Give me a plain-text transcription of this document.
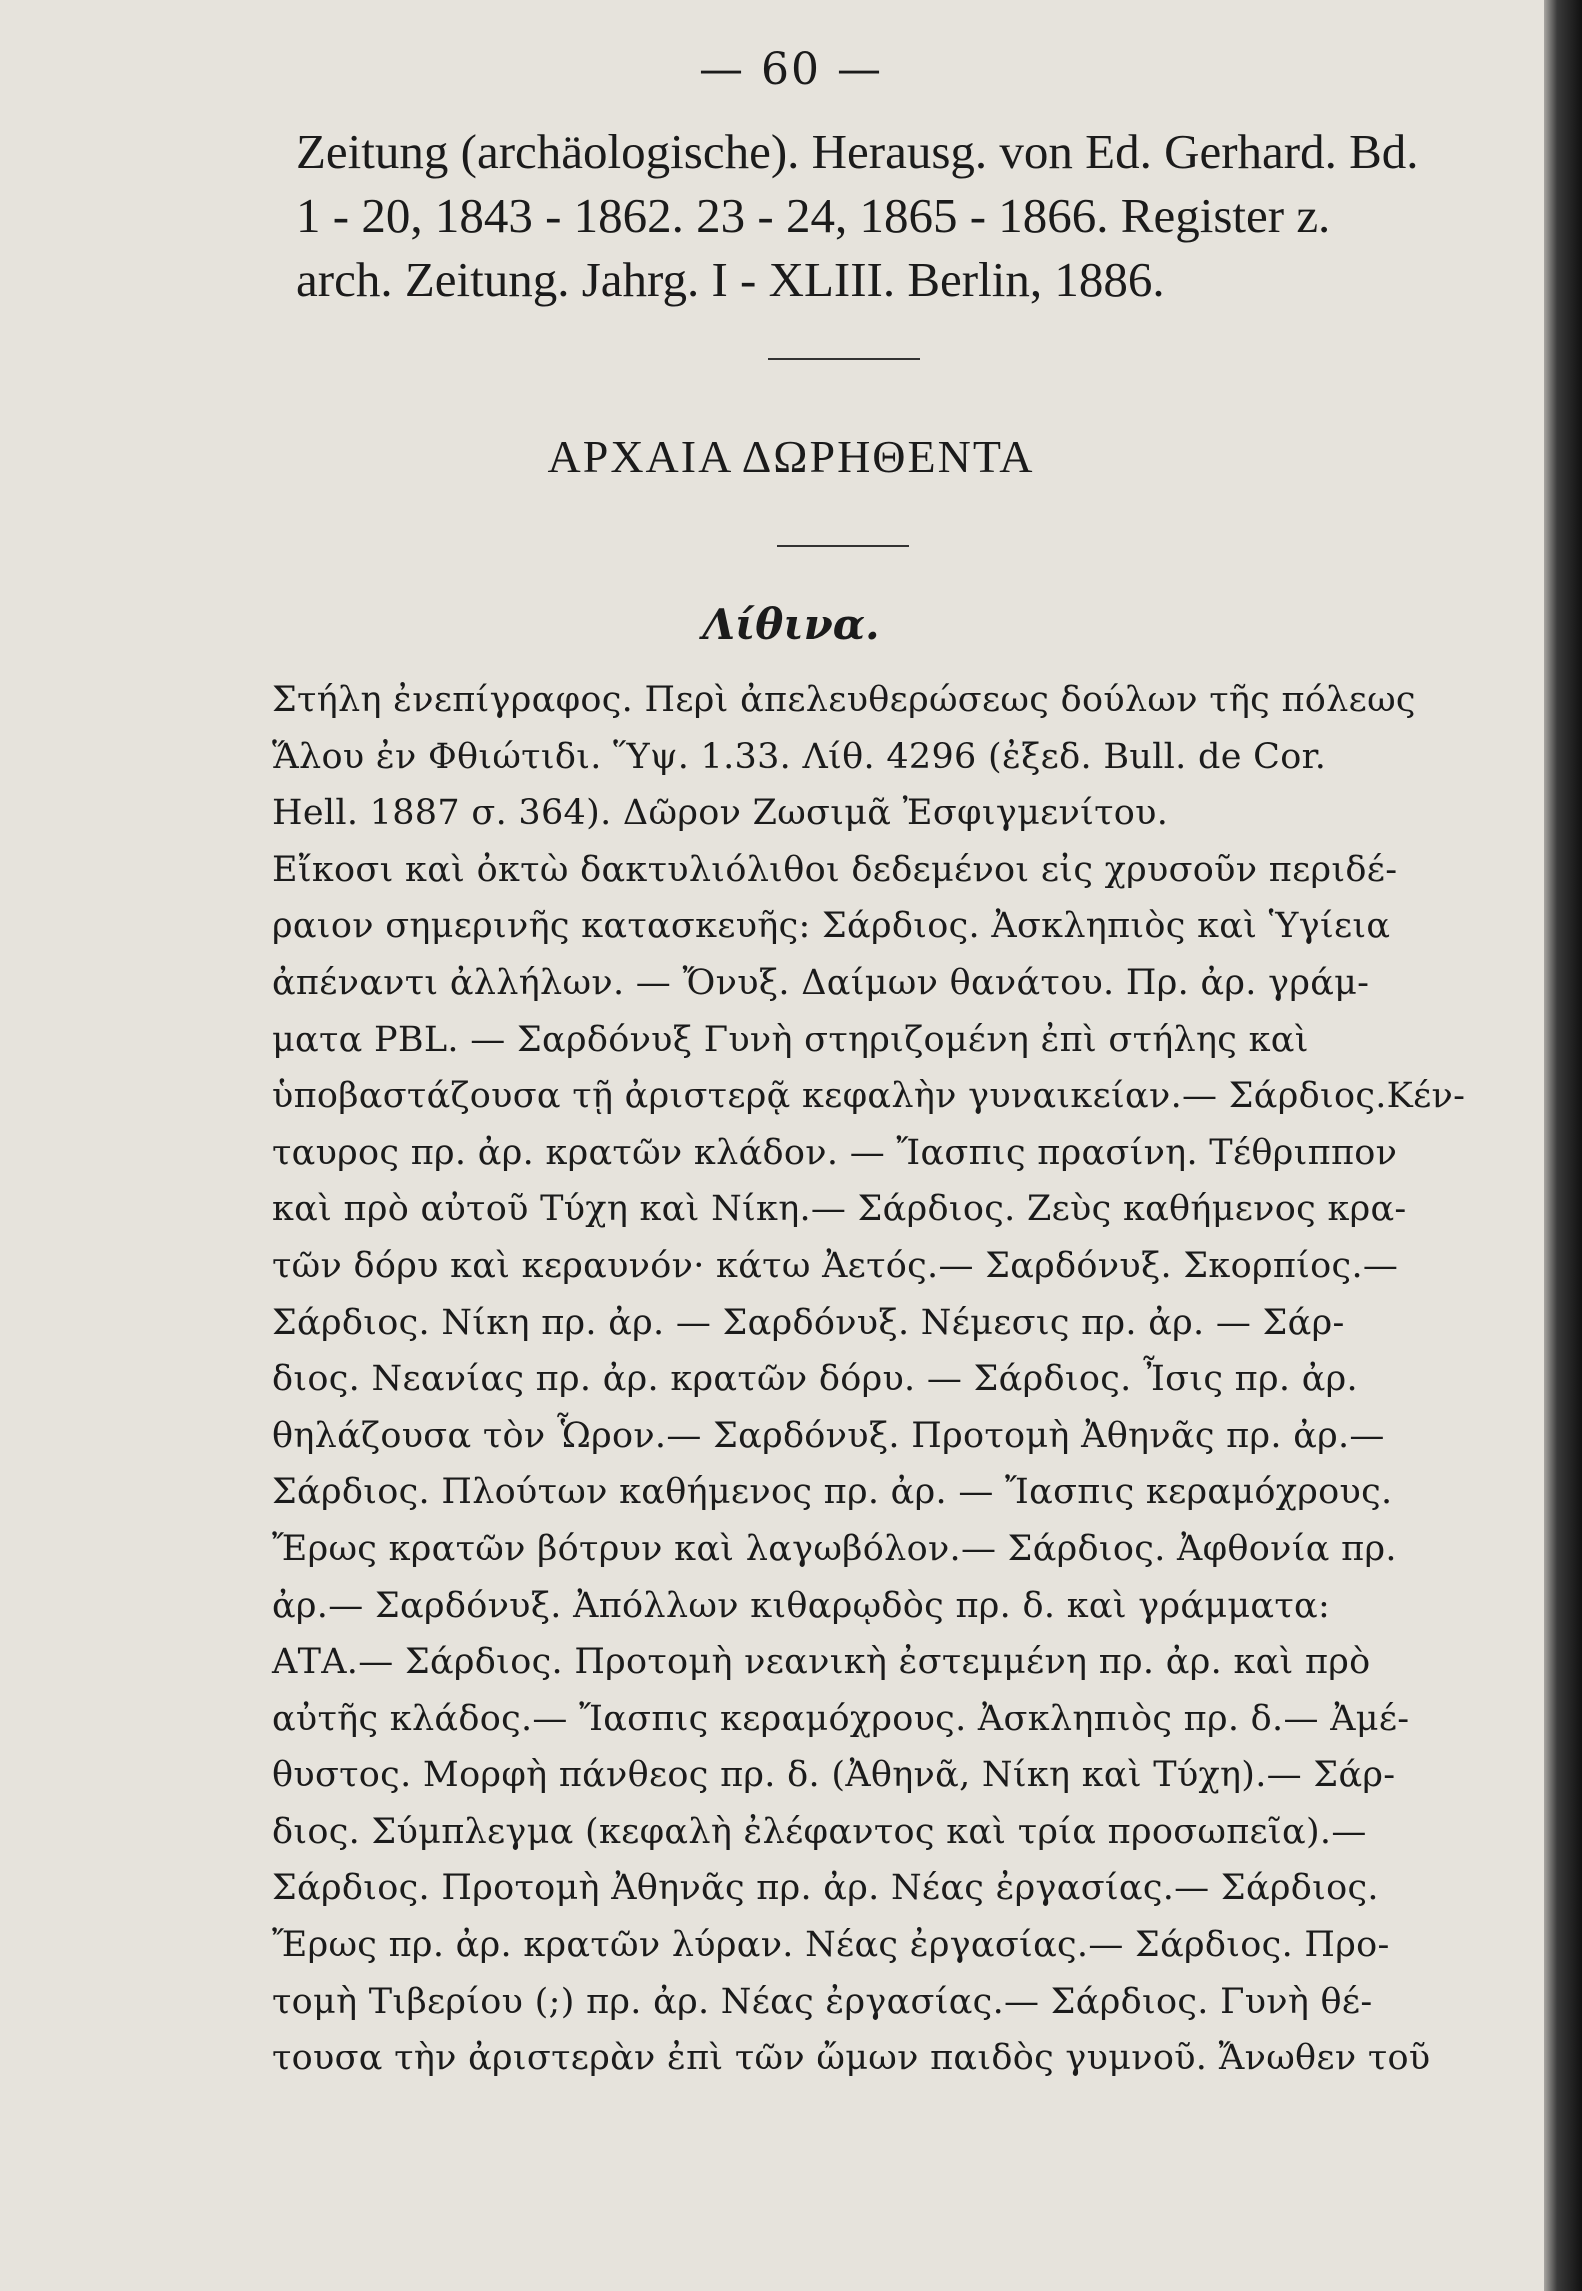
— 60 —
Zeitung (archäologische). Herausg. von Ed. Gerhard. Bd.
1 - 20, 1843 - 1862. 23 - 24, 1865 - 1866. Register z.
arch. Zeitung. Jahrg. I - XLIII. Berlin, 1886.
ΑΡΧΑΙΑ ΔΩΡΗΘΕΝΤΑ
Λίθινα.
Στήλη ἐνεπίγραφος. Περὶ ἀπελευθερώσεως δούλων τῆς πόλεως
Ἅλου ἐν Φθιώτιδι. Ὕψ. 1.33. Λίθ. 4296 (ἐξεδ. Bull. de Cor.
Hell. 1887 σ. 364). Δῶρον Ζωσιμᾶ Ἐσφιγμενίτου.
Εἴκοσι καὶ ὀκτὼ δακτυλιόλιθοι δεδεμένοι εἰς χρυσοῦν περιδέ-
ραιον σημερινῆς κατασκευῆς: Σάρδιος. Ἀσκληπιὸς καὶ Ὑγίεια
ἀπέναντι ἀλλήλων. — Ὄνυξ. Δαίμων θανάτου. Πρ. ἀρ. γράμ-
ματα PBL. — Σαρδόνυξ Γυνὴ στηριζομένη ἐπὶ στήλης καὶ
ὑποβαστάζουσα τῇ ἀριστερᾷ κεφαλὴν γυναικείαν.— Σάρδιος.Κέν-
ταυρος πρ. ἀρ. κρατῶν κλάδον. — Ἴασπις πρασίνη. Τέθριππον
καὶ πρὸ αὐτοῦ Τύχη καὶ Νίκη.— Σάρδιος. Ζεὺς καθήμενος κρα-
τῶν δόρυ καὶ κεραυνόν· κάτω Ἀετός.— Σαρδόνυξ. Σκορπίος.—
Σάρδιος. Νίκη πρ. ἀρ. — Σαρδόνυξ. Νέμεσις πρ. ἀρ. — Σάρ-
διος. Νεανίας πρ. ἀρ. κρατῶν δόρυ. — Σάρδιος. Ἶσις πρ. ἀρ.
θηλάζουσα τὸν Ὧρον.— Σαρδόνυξ. Προτομὴ Ἀθηνᾶς πρ. ἀρ.—
Σάρδιος. Πλούτων καθήμενος πρ. ἀρ. — Ἴασπις κεραμόχρους.
Ἔρως κρατῶν βότρυν καὶ λαγωβόλον.— Σάρδιος. Ἀφθονία πρ.
ἀρ.— Σαρδόνυξ. Ἀπόλλων κιθαρῳδὸς πρ. δ. καὶ γράμματα:
ΑΤΑ.— Σάρδιος. Προτομὴ νεανικὴ ἐστεμμένη πρ. ἀρ. καὶ πρὸ
αὐτῆς κλάδος.— Ἴασπις κεραμόχρους. Ἀσκληπιὸς πρ. δ.— Ἀμέ-
θυστος. Μορφὴ πάνθεος πρ. δ. (Ἀθηνᾶ, Νίκη καὶ Τύχη).— Σάρ-
διος. Σύμπλεγμα (κεφαλὴ ἐλέφαντος καὶ τρία προσωπεῖα).—
Σάρδιος. Προτομὴ Ἀθηνᾶς πρ. ἀρ. Νέας ἐργασίας.— Σάρδιος.
Ἔρως πρ. ἀρ. κρατῶν λύραν. Νέας ἐργασίας.— Σάρδιος. Προ-
τομὴ Τιβερίου (;) πρ. ἀρ. Νέας ἐργασίας.— Σάρδιος. Γυνὴ θέ-
τουσα τὴν ἀριστερὰν ἐπὶ τῶν ὤμων παιδὸς γυμνοῦ. Ἄνωθεν τοῦ
